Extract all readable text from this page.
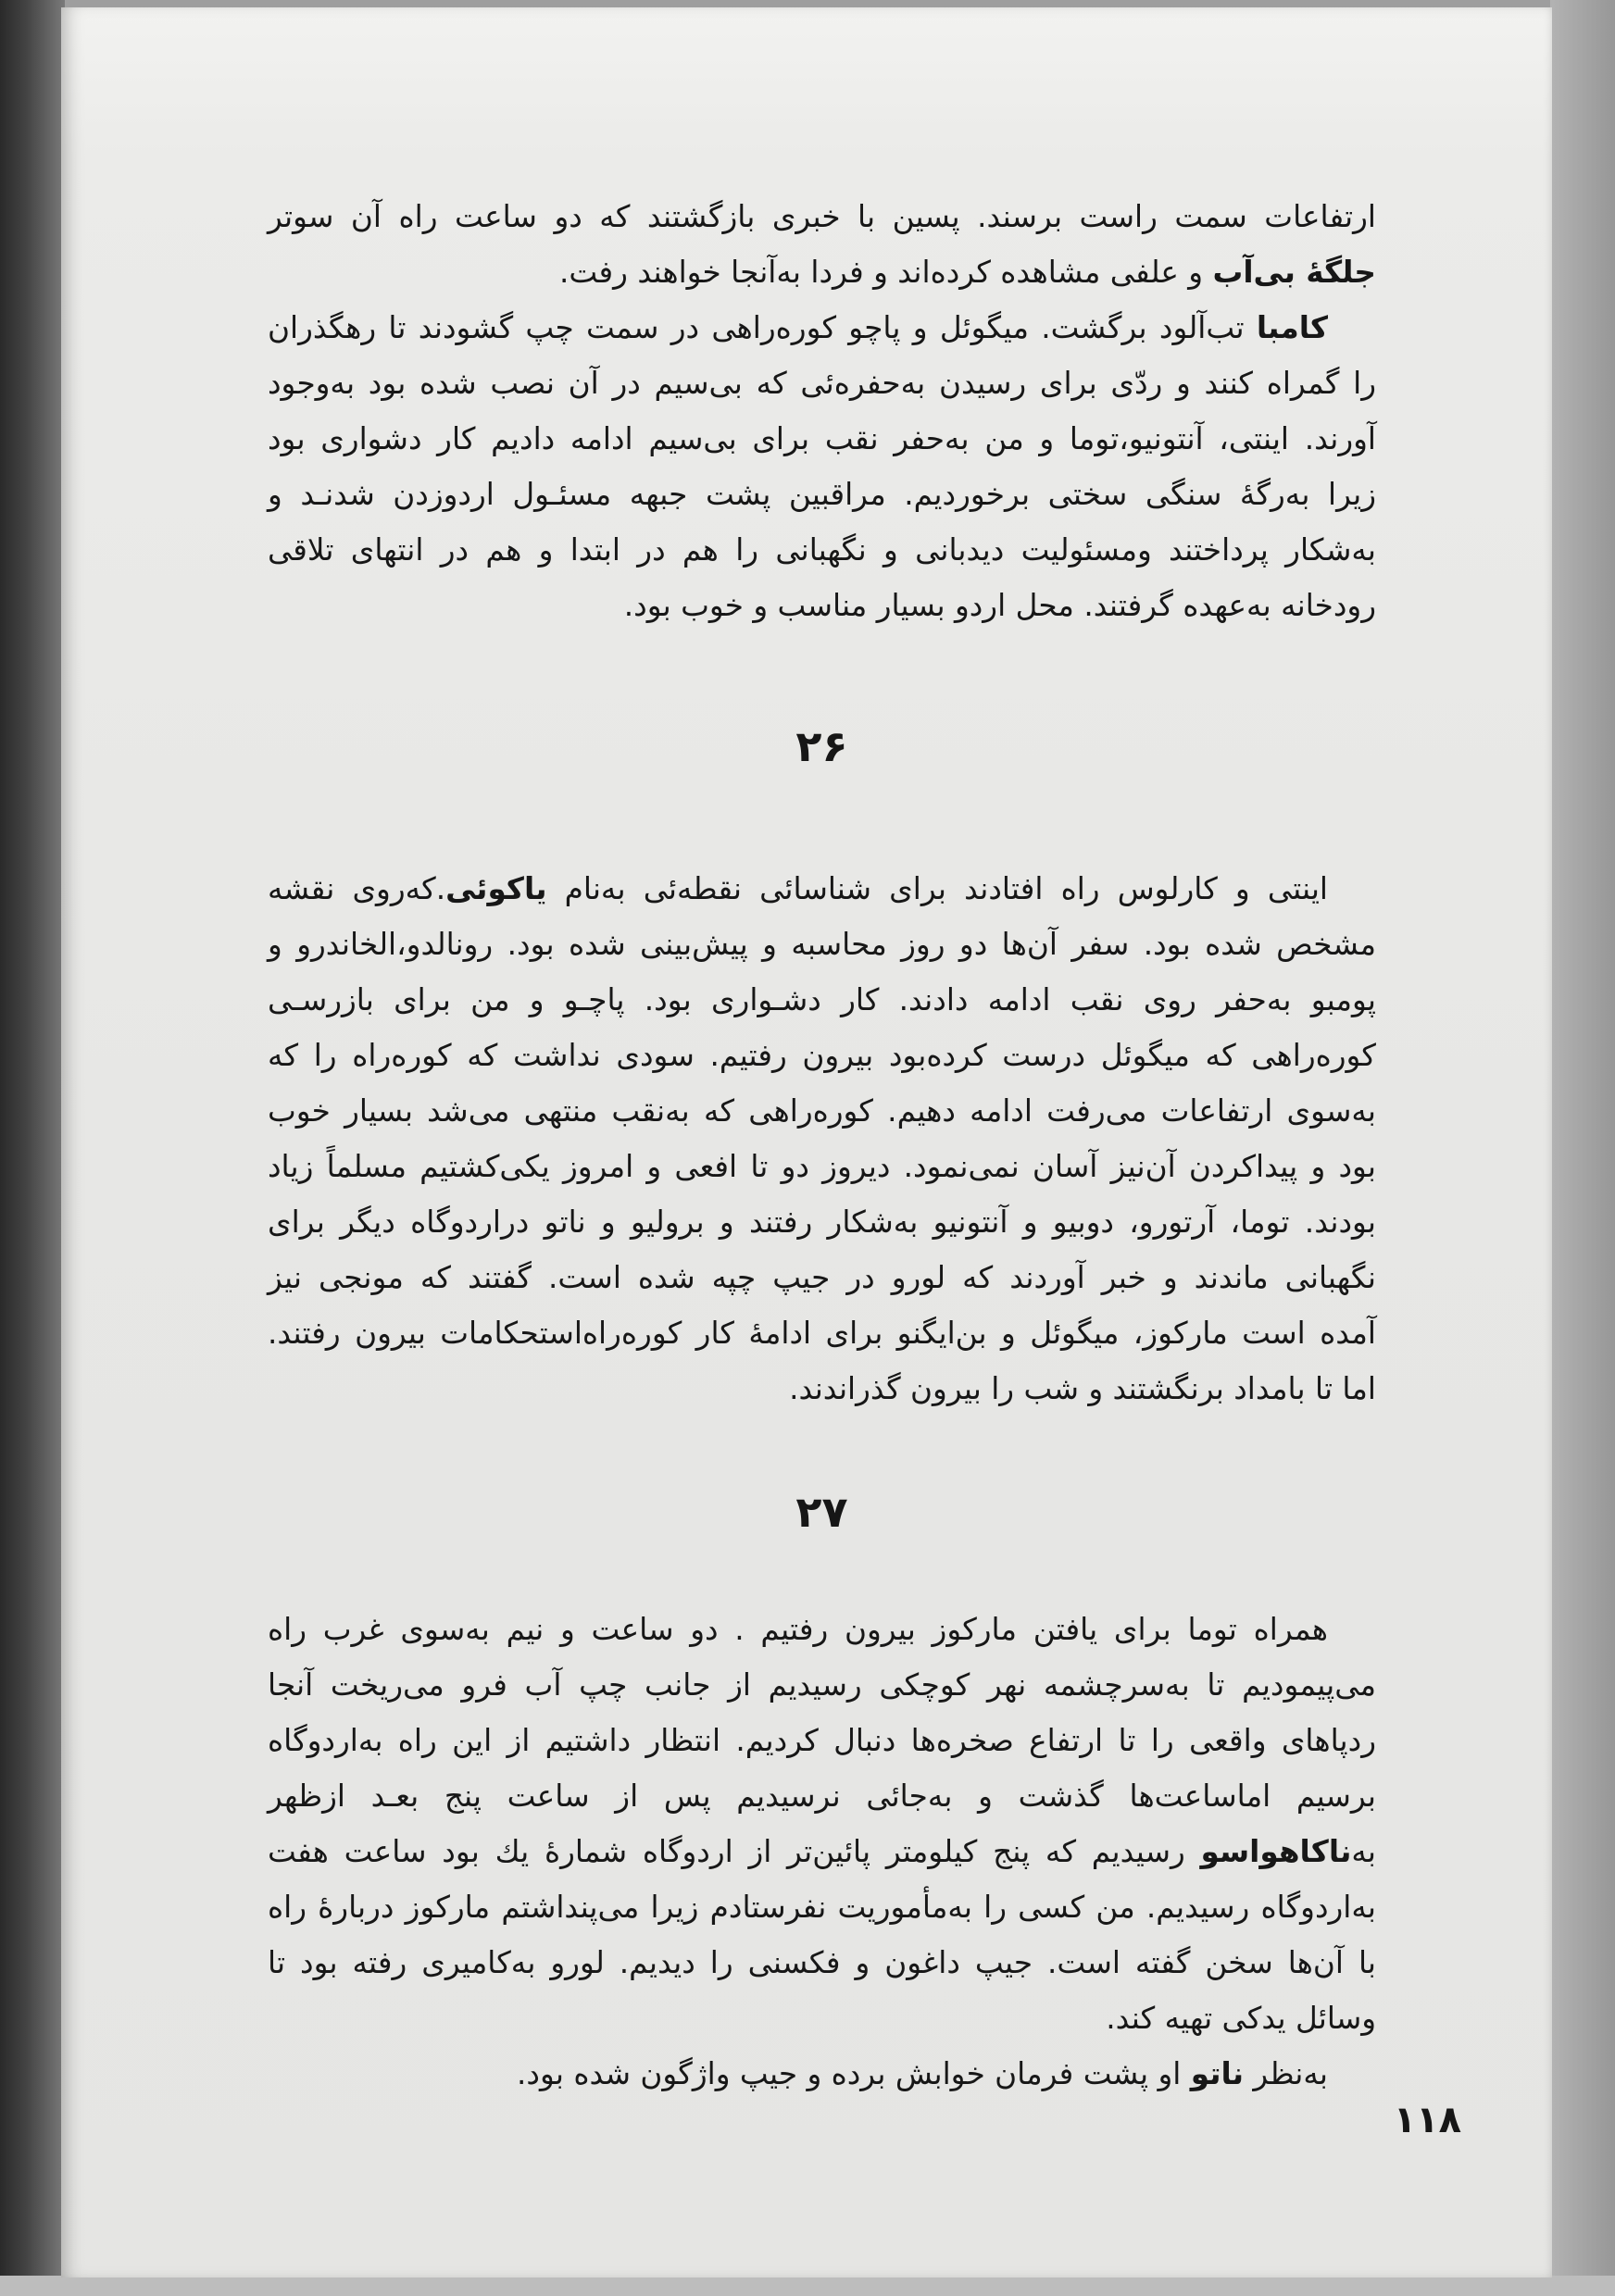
ارتفاعات سمت راست برسند. پسین با خبری بازگشتند که دو ساعت راه آن سوتر
جلگهٔ بی‌آب و علفی مشاهده کرده‌اند و فردا به‌آنجا خواهند رفت.
کامبا تب‌آلود برگشت. میگوئل و پاچو کوره‌راهی در سمت چپ گشودند تا رهگذران
را گمراه کنند و ردّی برای رسیدن به‌حفره‌ئی که بی‌سیم در آن نصب شده بود به‌وجود
آورند. اینتی، آنتونیو،توما و من به‌حفر نقب برای بی‌سیم ادامه دادیم کار دشواری بود
زیرا به‌رگهٔ سنگی سختی برخوردیم. مراقبین پشت جبهه مسئـول اردوزدن شدنـد و
به‌شکار پرداختند ومسئولیت دیدبانی و نگهبانی را هم در ابتدا و هم در انتهای تلاقی
رودخانه به‌عهده گرفتند. محل اردو بسیار مناسب و خوب بود.
۲۶
اینتی و کارلوس راه افتادند برای شناسائی نقطه‌ئی به‌نام یاکوئی.که‌روی نقشه
مشخص شده بود. سفر آن‌ها دو روز محاسبه و پیش‌بینی شده بود. رونالدو،الخاندرو و
پومبو به‌حفر روی نقب ادامه دادند. کار دشـواری بود. پاچـو و من برای بازرسـی
کوره‌راهی که میگوئل درست کرده‌بود بیرون رفتیم. سودی نداشت که کوره‌راه را که
به‌سوی ارتفاعات می‌رفت ادامه دهیم. کوره‌راهی که به‌نقب منتهی می‌شد بسیار خوب
بود و پیداکردن آن‌نیز آسان نمی‌نمود. دیروز دو تا افعی و امروز یکی‌کشتیم مسلماً زیاد
بودند. توما، آرتورو، دوبیو و آنتونیو به‌شکار رفتند و برولیو و ناتو دراردوگاه دیگر برای
نگهبانی ماندند و خبر آوردند که لورو در جیپ چپه شده است. گفتند که مونجی نیز
آمده است مارکوز، میگوئل و بن‌ایگنو برای ادامهٔ کار کوره‌راه‌استحکامات بیرون رفتند.
اما تا بامداد برنگشتند و شب را بیرون گذراندند.
۲۷
همراه توما برای یافتن مارکوز بیرون رفتیم . دو ساعت و نیم به‌سوی غرب راه
می‌پیمودیم تا به‌سرچشمه نهر کوچکی رسیدیم از جانب چپ آب فرو می‌ریخت آنجا
ردپاهای واقعی را تا ارتفاع صخره‌ها دنبال کردیم. انتظار داشتیم از این راه به‌اردوگاه
برسیم اماساعت‌ها گذشت و به‌جائی نرسیدیم پس از ساعت پنج بعـد ازظهر
به‌ناکاهواسو رسیدیم که پنج کیلومتر پائین‌تر از اردوگاه شمارهٔ یك بود ساعت هفت
به‌اردوگاه رسیدیم. من کسی را به‌مأموریت نفرستادم زیرا می‌پنداشتم مارکوز دربارهٔ راه
با آن‌ها سخن گفته است. جیپ داغون و فکسنی را دیدیم. لورو به‌کامیری رفته بود تا
وسائل یدکی تهیه کند.
به‌نظر ناتو او پشت فرمان خوابش برده و جیپ واژگون شده بود.
۱۱۸
